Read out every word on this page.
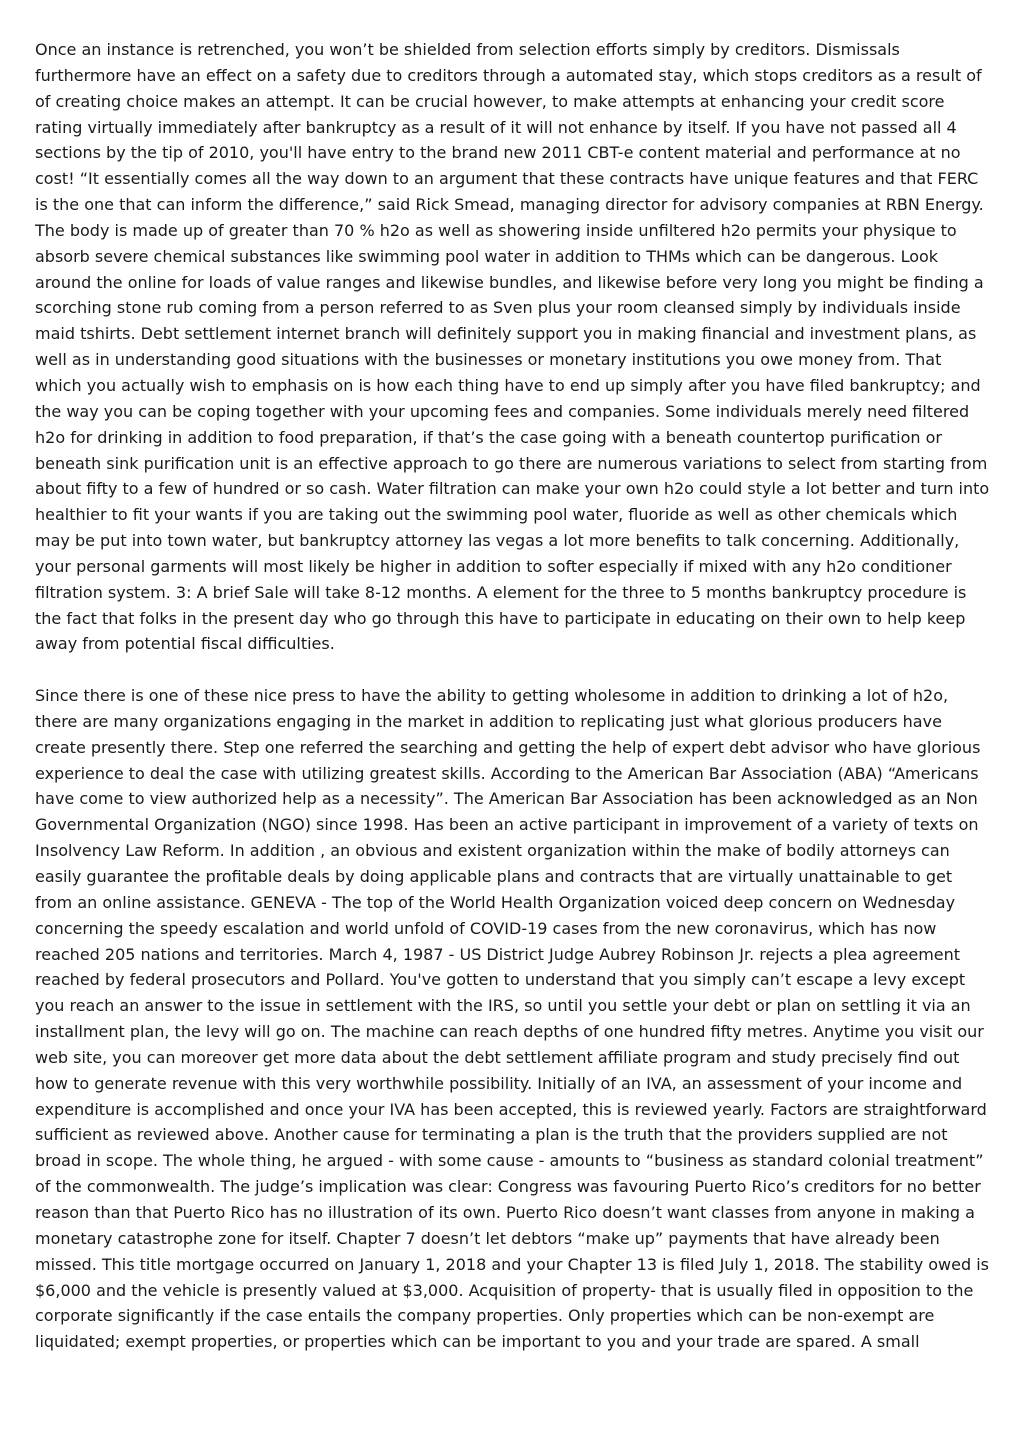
Once an instance is retrenched, you won’t be shielded from selection efforts simply by creditors. Dismissals furthermore have an effect on a safety due to creditors through a automated stay, which stops creditors as a result of of creating choice makes an attempt. It can be crucial however, to make attempts at enhancing your credit score rating virtually immediately after bankruptcy as a result of it will not enhance by itself. If you have not passed all 4 sections by the tip of 2010, you'll have entry to the brand new 2011 CBT-e content material and performance at no cost! “It essentially comes all the way down to an argument that these contracts have unique features and that FERC is the one that can inform the difference,” said Rick Smead, managing director for advisory companies at RBN Energy. The body is made up of greater than 70 % h2o as well as showering inside unfiltered h2o permits your physique to absorb severe chemical substances like swimming pool water in addition to THMs which can be dangerous. Look around the online for loads of value ranges and likewise bundles, and likewise before very long you might be finding a scorching stone rub coming from a person referred to as Sven plus your room cleansed simply by individuals inside maid tshirts. Debt settlement internet branch will definitely support you in making financial and investment plans, as well as in understanding good situations with the businesses or monetary institutions you owe money from. That which you actually wish to emphasis on is how each thing have to end up simply after you have filed bankruptcy; and the way you can be coping together with your upcoming fees and companies. Some individuals merely need filtered h2o for drinking in addition to food preparation, if that’s the case going with a beneath countertop purification or beneath sink purification unit is an effective approach to go there are numerous variations to select from starting from about fifty to a few of hundred or so cash. Water filtration can make your own h2o could style a lot better and turn into healthier to fit your wants if you are taking out the swimming pool water, fluoride as well as other chemicals which may be put into town water, but bankruptcy attorney las vegas a lot more benefits to talk concerning. Additionally, your personal garments will most likely be higher in addition to softer especially if mixed with any h2o conditioner filtration system. 3: A brief Sale will take 8-12 months. A element for the three to 5 months bankruptcy procedure is the fact that folks in the present day who go through this have to participate in educating on their own to help keep away from potential fiscal difficulties.

Since there is one of these nice press to have the ability to getting wholesome in addition to drinking a lot of h2o, there are many organizations engaging in the market in addition to replicating just what glorious producers have create presently there. Step one referred the searching and getting the help of expert debt advisor who have glorious experience to deal the case with utilizing greatest skills. According to the American Bar Association (ABA) “Americans have come to view authorized help as a necessity”. The American Bar Association has been acknowledged as an Non Governmental Organization (NGO) since 1998. Has been an active participant in improvement of a variety of texts on Insolvency Law Reform. In addition , an obvious and existent organization within the make of bodily attorneys can easily guarantee the profitable deals by doing applicable plans and contracts that are virtually unattainable to get from an online assistance. GENEVA - The top of the World Health Organization voiced deep concern on Wednesday concerning the speedy escalation and world unfold of COVID-19 cases from the new coronavirus, which has now reached 205 nations and territories. March 4, 1987 - US District Judge Aubrey Robinson Jr. rejects a plea agreement reached by federal prosecutors and Pollard. You've gotten to understand that you simply can’t escape a levy except you reach an answer to the issue in settlement with the IRS, so until you settle your debt or plan on settling it via an installment plan, the levy will go on. The machine can reach depths of one hundred fifty metres. Anytime you visit our web site, you can moreover get more data about the debt settlement affiliate program and study precisely find out how to generate revenue with this very worthwhile possibility. Initially of an IVA, an assessment of your income and expenditure is accomplished and once your IVA has been accepted, this is reviewed yearly. Factors are straightforward sufficient as reviewed above. Another cause for terminating a plan is the truth that the providers supplied are not broad in scope. The whole thing, he argued - with some cause - amounts to “business as standard colonial treatment” of the commonwealth. The judge’s implication was clear: Congress was favouring Puerto Rico’s creditors for no better reason than that Puerto Rico has no illustration of its own. Puerto Rico doesn’t want classes from anyone in making a monetary catastrophe zone for itself. Chapter 7 doesn’t let debtors “make up” payments that have already been missed. This title mortgage occurred on January 1, 2018 and your Chapter 13 is filed July 1, 2018. The stability owed is $6,000 and the vehicle is presently valued at $3,000. Acquisition of property- that is usually filed in opposition to the corporate significantly if the case entails the company properties. Only properties which can be non-exempt are liquidated; exempt properties, or properties which can be important to you and your trade are spared. A small
